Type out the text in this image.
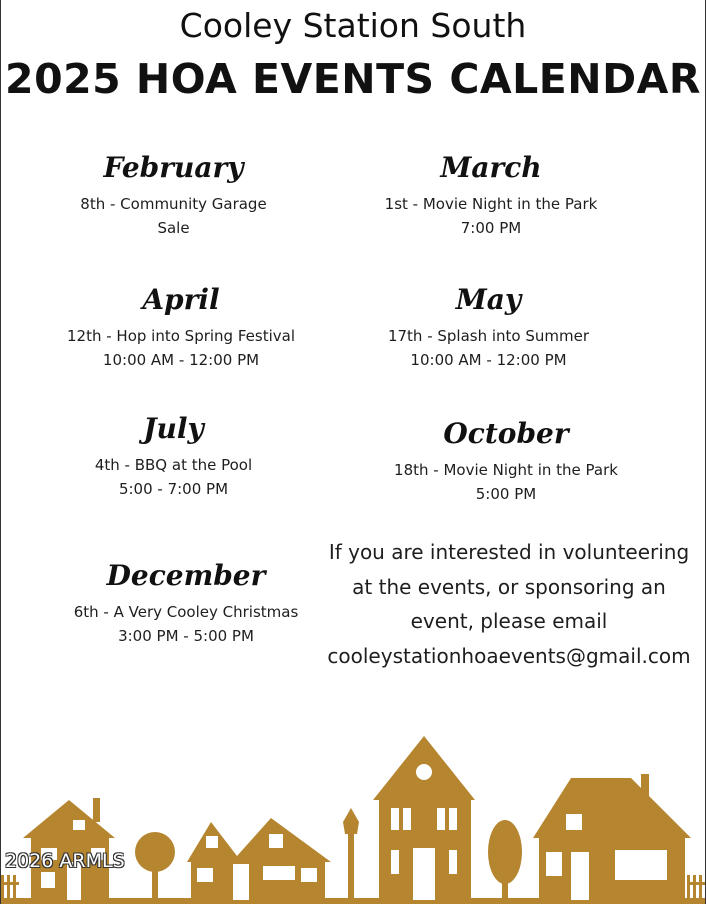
Cooley Station South
2025 HOA EVENTS CALENDAR
February
8th - Community Garage
Sale
March
1st - Movie Night in the Park
7:00 PM
April
12th - Hop into Spring Festival
10:00 AM - 12:00 PM
May
17th - Splash into Summer
10:00 AM - 12:00 PM
July
4th - BBQ at the Pool
5:00 - 7:00 PM
October
18th - Movie Night in the Park
5:00 PM
December
6th - A Very Cooley Christmas
3:00 PM - 5:00 PM
If you are interested in volunteering
at the events, or sponsoring an
event, please email
cooleystationhoaevents@gmail.com
2026 ARMLS
